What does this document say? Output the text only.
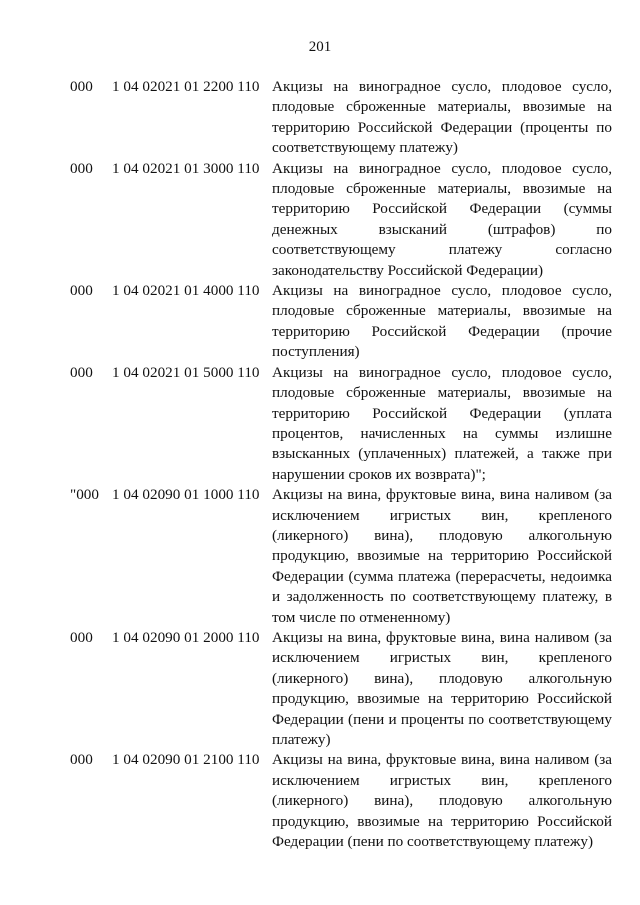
201
000	1 04 02021 01 2200 110 Акцизы на виноградное сусло, плодовое сусло, плодовые сброженные материалы, ввозимые на территорию Российской Федерации (проценты по соответствующему платежу)
000	1 04 02021 01 3000 110 Акцизы на виноградное сусло, плодовое сусло, плодовые сброженные материалы, ввозимые на территорию Российской Федерации (суммы денежных взысканий (штрафов) по соответствующему платежу согласно законодательству Российской Федерации)
000	1 04 02021 01 4000 110 Акцизы на виноградное сусло, плодовое сусло, плодовые сброженные материалы, ввозимые на территорию Российской Федерации (прочие поступления)
000	1 04 02021 01 5000 110 Акцизы на виноградное сусло, плодовое сусло, плодовые сброженные материалы, ввозимые на территорию Российской Федерации (уплата процентов, начисленных на суммы излишне взысканных (уплаченных) платежей, а также при нарушении сроков их возврата)";
"000 1 04 02090 01 1000 110 Акцизы на вина, фруктовые вина, вина наливом (за исключением игристых вин, крепленого (ликерного) вина), плодовую алкогольную продукцию, ввозимые на территорию Российской Федерации (сумма платежа (перерасчеты, недоимка и задолженность по соответствующему платежу, в том числе по отмененному)
000	1 04 02090 01 2000 110 Акцизы на вина, фруктовые вина, вина наливом (за исключением игристых вин, крепленого (ликерного) вина), плодовую алкогольную продукцию, ввозимые на территорию Российской Федерации (пени и проценты по соответствующему платежу)
000	1 04 02090 01 2100 110 Акцизы на вина, фруктовые вина, вина наливом (за исключением игристых вин, крепленого (ликерного) вина), плодовую алкогольную продукцию, ввозимые на территорию Российской Федерации (пени по соответствующему платежу)
